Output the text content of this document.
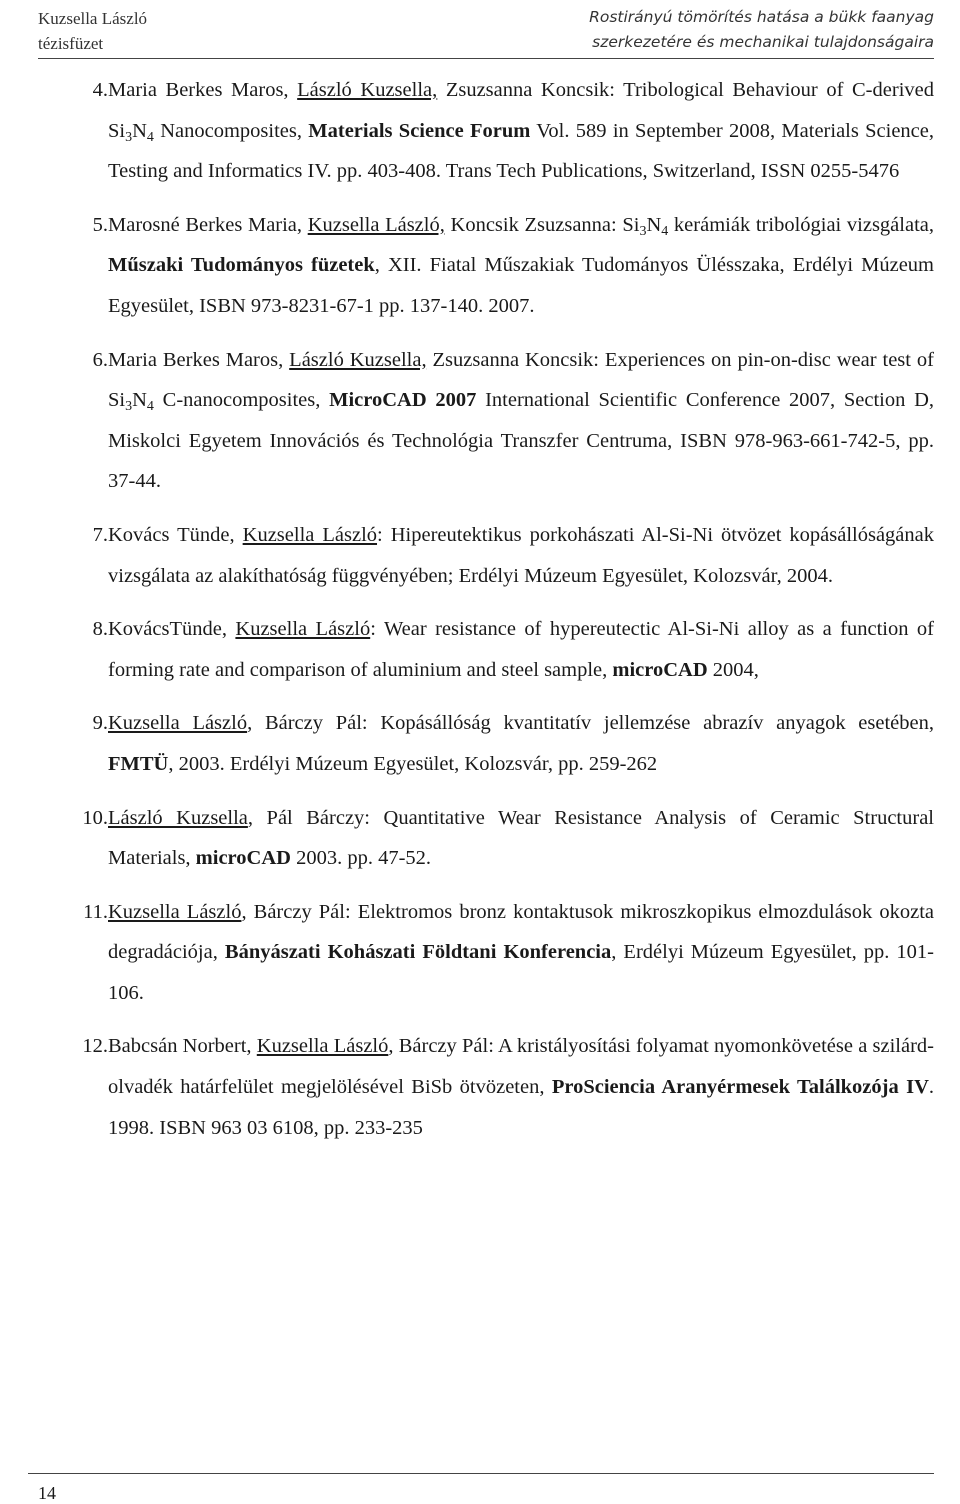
Kuzsella László
tézisfüzet
Rostirányú tömörítés hatása a bükk faanyag
szerkezetére és mechanikai tulajdonságaira
4 . Maria Berkes Maros, László Kuzsella, Zsuzsanna Koncsik: Tribological Behaviour of C-derived $Si_3N_4$ Nanocomposites, Materials Science Forum Vol. 589 in September 2008, Materials Science, Testing and Informatics IV. pp. 403-408. Trans Tech Publications, Switzerland, ISSN 0255-5476
5 . Marosné Berkes Maria, Kuzsella László, Koncsik Zsuzsanna: $Si_3N_4$ kerámiák tribológiai vizsgálata, Műszaki Tudományos füzetek, XII. Fiatal Műszakiak Tudományos Ülésszaka, Erdélyi Múzeum Egyesület, ISBN 973-8231-67-1 pp. 137-140. 2007.
6 . Maria Berkes Maros, László Kuzsella, Zsuzsanna Koncsik: Experiences on pin-on-disc wear test of $Si_3N_4$ C-nanocomposites, MicroCAD 2007 International Scientific Conference 2007, Section D, Miskolci Egyetem Innovációs és Technológia Transzfer Centruma, ISBN 978-963-661-742-5, pp. 37-44.
7 . Kovács Tünde, Kuzsella László: Hipereutektikus porkohászati Al-Si-Ni ötvözet kopásállóságának vizsgálata az alakíthatóság függvényében; Erdélyi Múzeum Egyesület, Kolozsvár, 2004.
8 . KovácsTünde, Kuzsella László: Wear resistance of hypereutectic Al-Si-Ni alloy as a function of forming rate and comparison of aluminium and steel sample, microCAD 2004,
9 . Kuzsella László, Bárczy Pál: Kopásállóság kvantitatív jellemzése abrazív anyagok esetében, FMTÜ, 2003. Erdélyi Múzeum Egyesület, Kolozsvár, pp. 259-262
10 . László Kuzsella, Pál Bárczy: Quantitative Wear Resistance Analysis of Ceramic Structural Materials, microCAD 2003. pp. 47-52.
11 . Kuzsella László, Bárczy Pál: Elektromos bronz kontaktusok mikroszkopikus elmozdulások okozta degradációja, Bányászati Kohászati Földtani Konferencia, Erdélyi Múzeum Egyesület, pp. 101-106.
12 . Babcsán Norbert, Kuzsella László, Bárczy Pál: A kristályosítási folyamat nyomonkövetése a szilárd-olvadék határfelület megjelölésével BiSb ötvözeten, ProSciencia Aranyérmesek Találkozója IV. 1998. ISBN 963 03 6108, pp. 233-235
14
